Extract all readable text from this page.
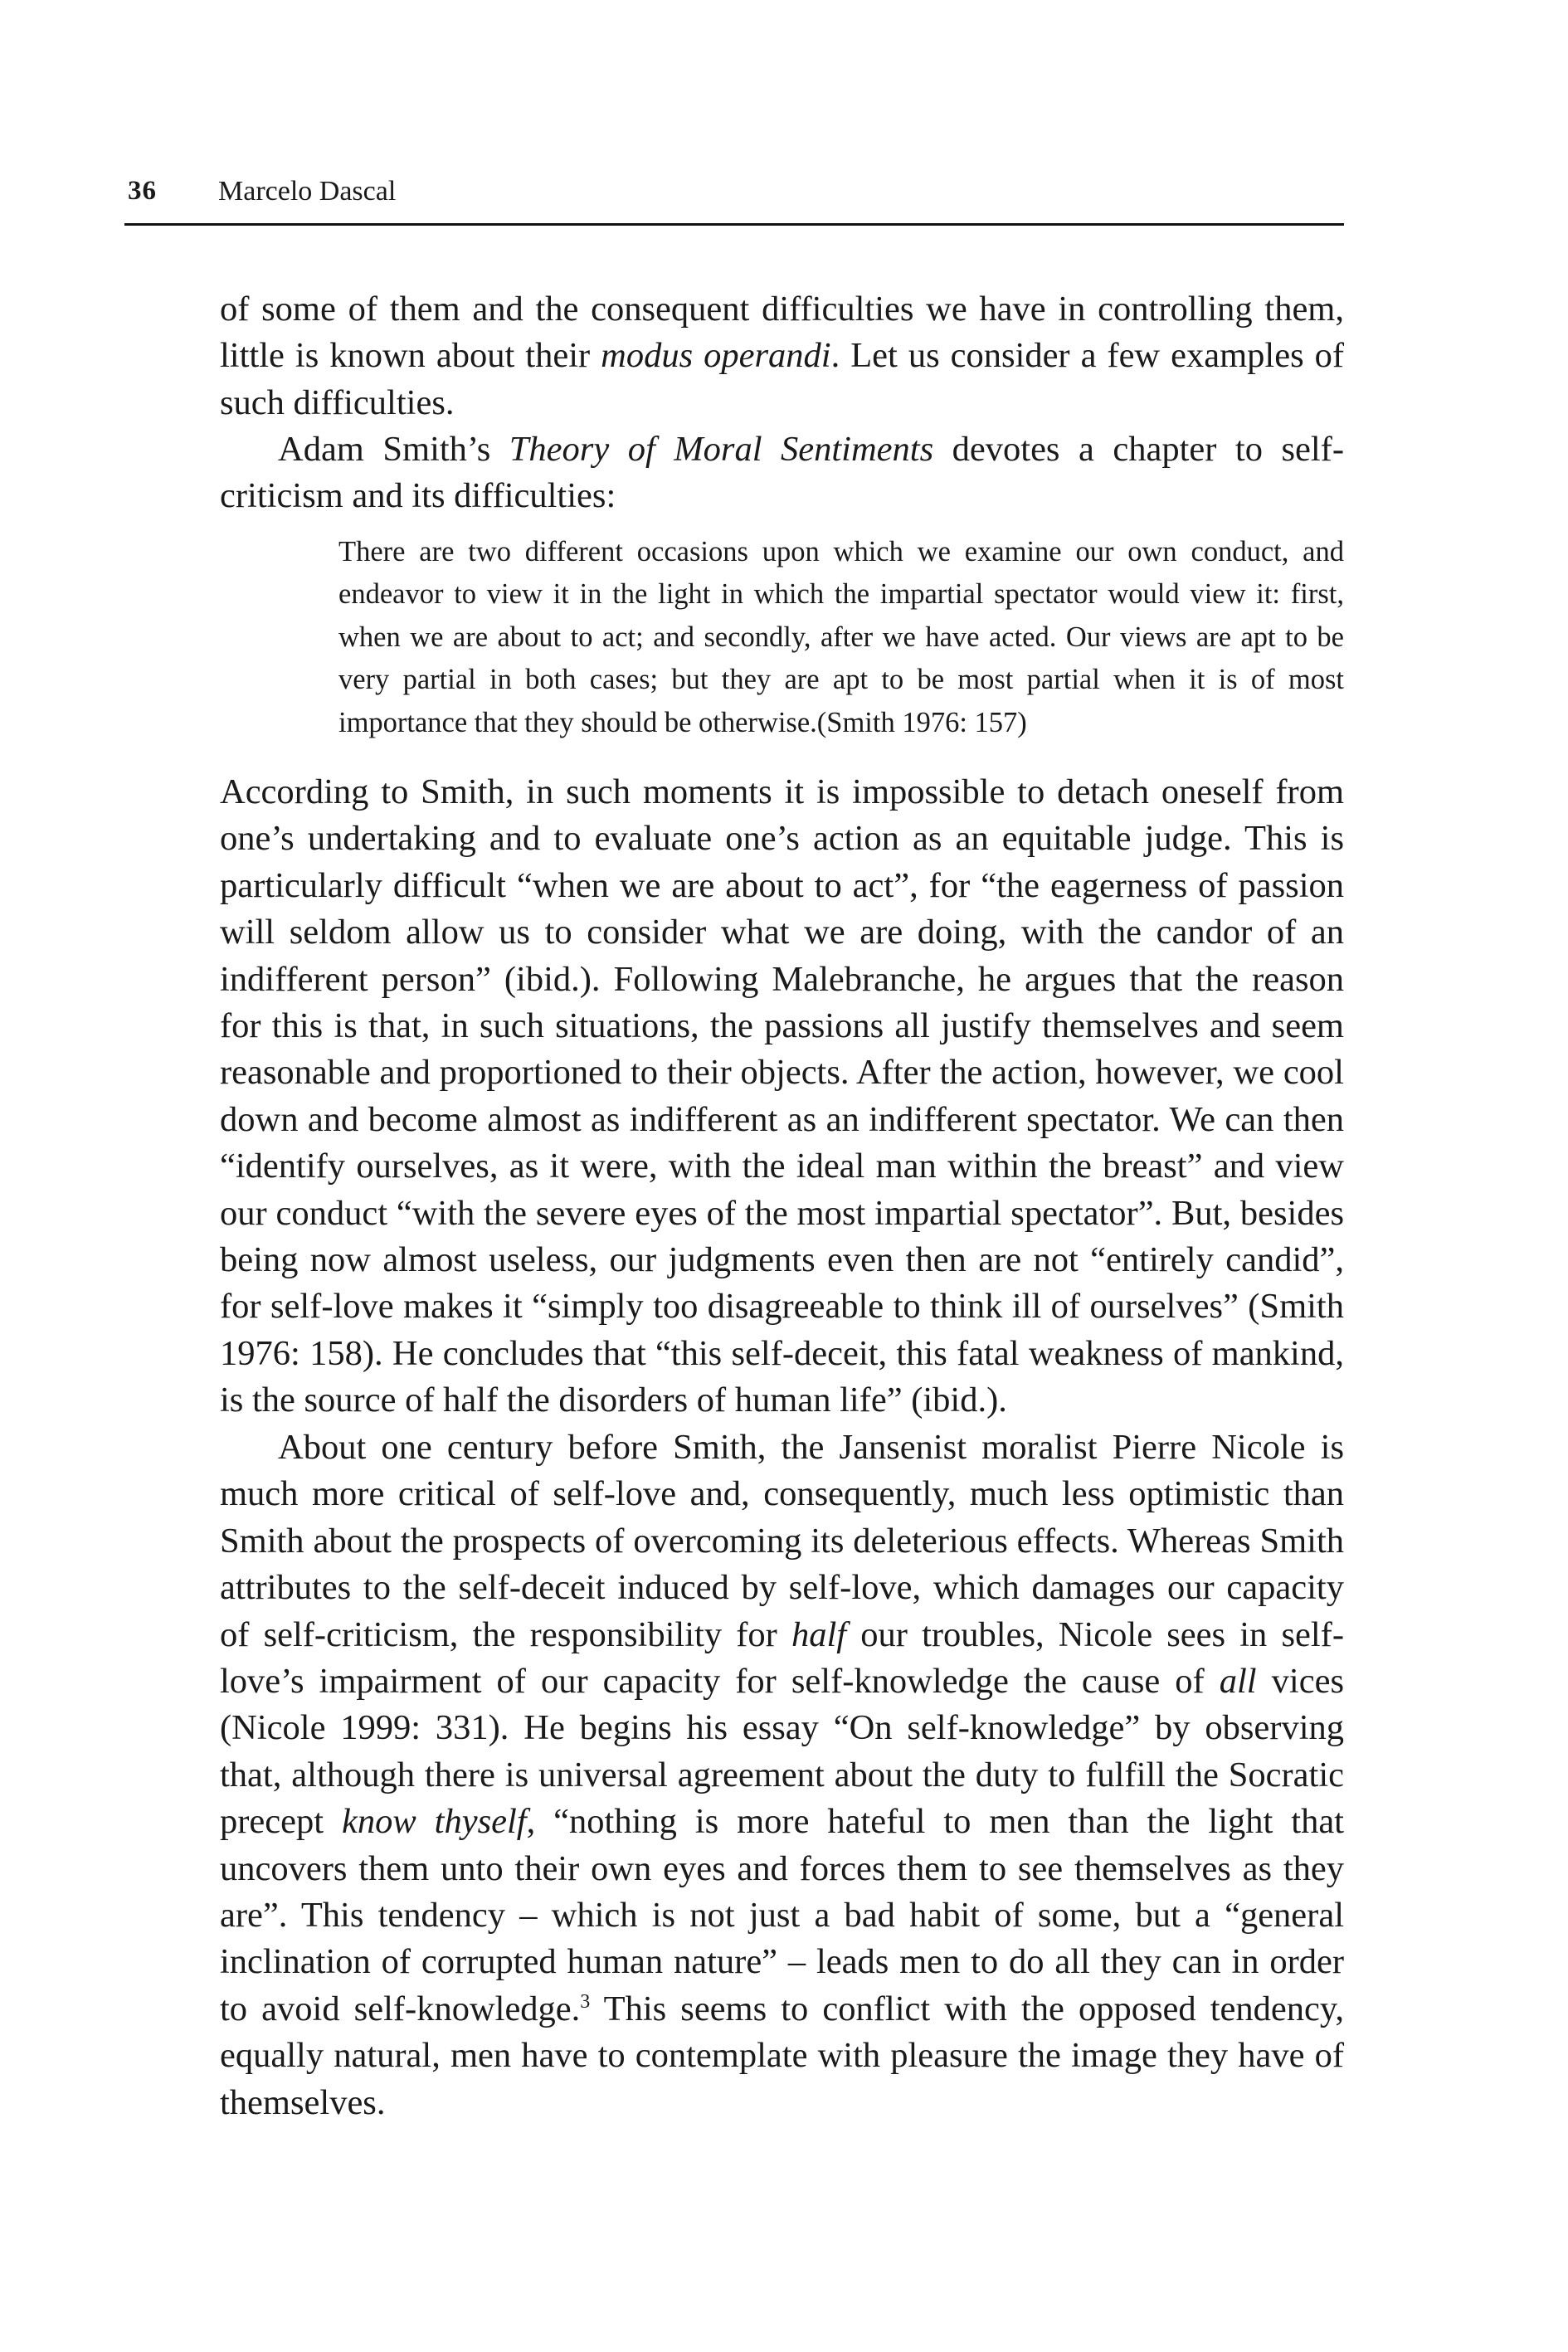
36 Marcelo Dascal

of some of them and the consequent difficulties we have in controlling them, little is known about their modus operandi. Let us consider a few examples of such difficulties.

Adam Smith’s Theory of Moral Sentiments devotes a chapter to self-criticism and its difficulties:

There are two different occasions upon which we examine our own conduct, and endeavor to view it in the light in which the impartial spectator would view it: first, when we are about to act; and secondly, after we have acted. Our views are apt to be very partial in both cases; but they are apt to be most partial when it is of most importance that they should be otherwise.(Smith 1976: 157)

According to Smith, in such moments it is impossible to detach oneself from one’s undertaking and to evaluate one’s action as an equitable judge. This is particularly difficult “when we are about to act”, for “the eagerness of passion will seldom allow us to consider what we are doing, with the candor of an indifferent person” (ibid.). Following Malebranche, he argues that the reason for this is that, in such situations, the passions all justify themselves and seem reasonable and proportioned to their objects. After the action, however, we cool down and become almost as indifferent as an indifferent spectator. We can then “identify ourselves, as it were, with the ideal man within the breast” and view our conduct “with the severe eyes of the most impartial spectator”. But, besides being now almost useless, our judgments even then are not “entirely candid”, for self-love makes it “simply too disagreeable to think ill of ourselves” (Smith 1976: 158). He concludes that “this self-deceit, this fatal weakness of mankind, is the source of half the disorders of human life” (ibid.).

About one century before Smith, the Jansenist moralist Pierre Nicole is much more critical of self-love and, consequently, much less optimistic than Smith about the prospects of overcoming its deleterious effects. Whereas Smith attributes to the self-deceit induced by self-love, which damages our capacity of self-criticism, the responsibility for half our troubles, Nicole sees in self-love’s impairment of our capacity for self-knowledge the cause of all vices (Nicole 1999: 331). He begins his essay “On self-knowledge” by observing that, although there is universal agreement about the duty to fulfill the Socratic precept know thyself, “nothing is more hateful to men than the light that uncovers them unto their own eyes and forces them to see themselves as they are”. This tendency – which is not just a bad habit of some, but a “general inclination of corrupted human nature” – leads men to do all they can in order to avoid self-knowledge.$^3$ This seems to conflict with the opposed tendency, equally natural, men have to contemplate with pleasure the image they have of themselves.
